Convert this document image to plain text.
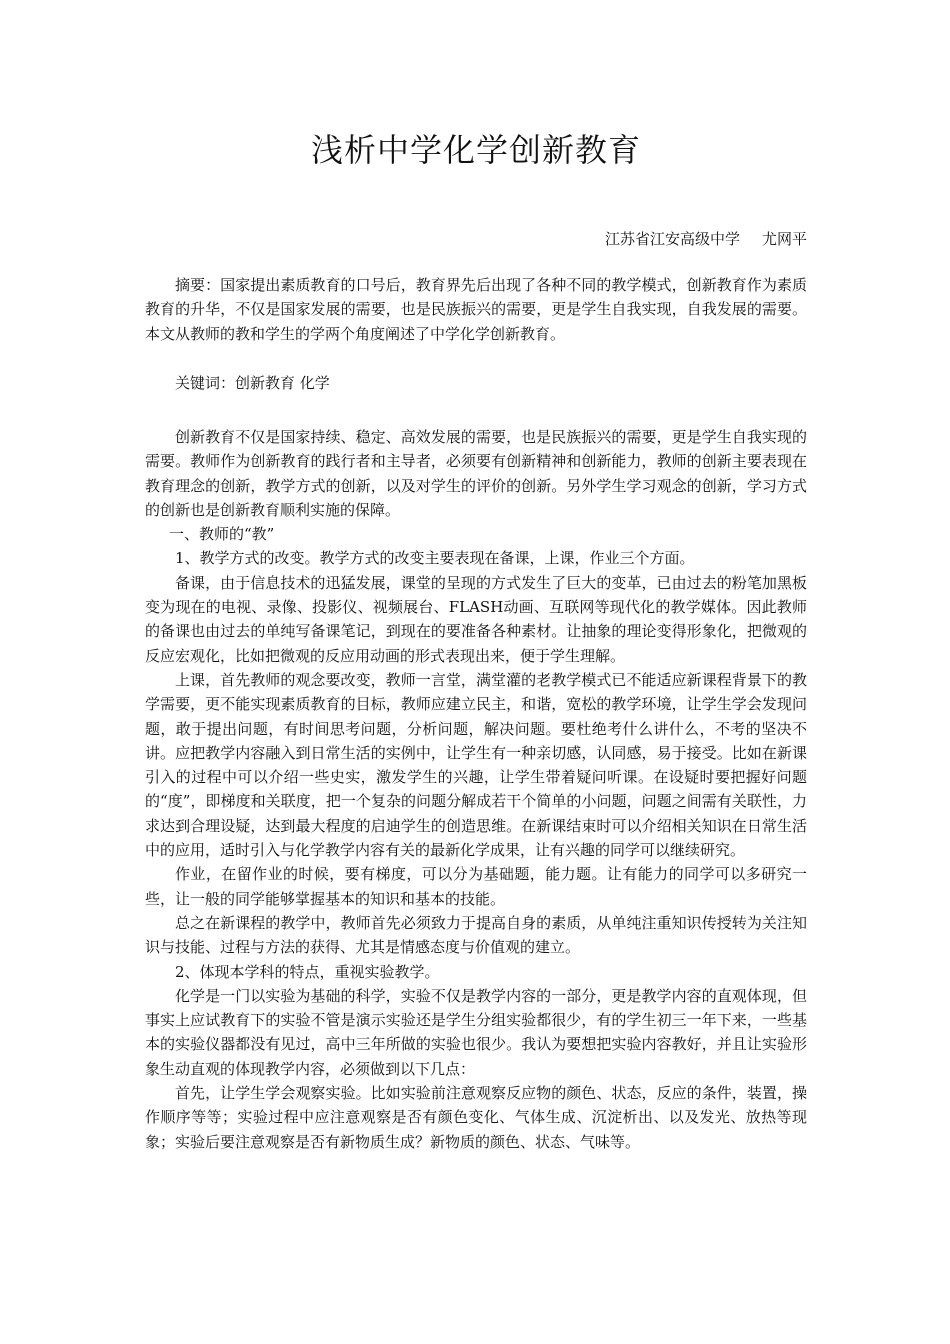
浅析中学化学创新教育

江苏省江安高级中学 尤网平

摘要：国家提出素质教育的口号后，教育界先后出现了各种不同的教学模式，创新教育作为素质教育的升华，不仅是国家发展的需要，也是民族振兴的需要，更是学生自我实现，自我发展的需要。本文从教师的教和学生的学两个角度阐述了中学化学创新教育。

关键词：创新教育 化学

创新教育不仅是国家持续、稳定、高效发展的需要，也是民族振兴的需要，更是学生自我实现的需要。教师作为创新教育的践行者和主导者，必须要有创新精神和创新能力，教师的创新主要表现在教育理念的创新，教学方式的创新，以及对学生的评价的创新。另外学生学习观念的创新，学习方式的创新也是创新教育顺利实施的保障。

一、教师的“教”

1、教学方式的改变。教学方式的改变主要表现在备课，上课，作业三个方面。

备课，由于信息技术的迅猛发展，课堂的呈现的方式发生了巨大的变革，已由过去的粉笔加黑板变为现在的电视、录像、投影仪、视频展台、FLASH动画、互联网等现代化的教学媒体。因此教师的备课也由过去的单纯写备课笔记，到现在的要准备各种素材。让抽象的理论变得形象化，把微观的反应宏观化，比如把微观的反应用动画的形式表现出来，便于学生理解。

上课，首先教师的观念要改变，教师一言堂，满堂灌的老教学模式已不能适应新课程背景下的教学需要，更不能实现素质教育的目标，教师应建立民主，和谐，宽松的教学环境，让学生学会发现问题，敢于提出问题，有时间思考问题，分析问题，解决问题。要杜绝考什么讲什么，不考的坚决不讲。应把教学内容融入到日常生活的实例中，让学生有一种亲切感，认同感，易于接受。比如在新课引入的过程中可以介绍一些史实，激发学生的兴趣，让学生带着疑问听课。在设疑时要把握好问题的“度”，即梯度和关联度，把一个复杂的问题分解成若干个简单的小问题，问题之间需有关联性，力求达到合理设疑，达到最大程度的启迪学生的创造思维。在新课结束时可以介绍相关知识在日常生活中的应用，适时引入与化学教学内容有关的最新化学成果，让有兴趣的同学可以继续研究。

作业，在留作业的时候，要有梯度，可以分为基础题，能力题。让有能力的同学可以多研究一些，让一般的同学能够掌握基本的知识和基本的技能。

总之在新课程的教学中，教师首先必须致力于提高自身的素质，从单纯注重知识传授转为关注知识与技能、过程与方法的获得、尤其是情感态度与价值观的建立。

2、体现本学科的特点，重视实验教学。

化学是一门以实验为基础的科学，实验不仅是教学内容的一部分，更是教学内容的直观体现，但事实上应试教育下的实验不管是演示实验还是学生分组实验都很少，有的学生初三一年下来，一些基本的实验仪器都没有见过，高中三年所做的实验也很少。我认为要想把实验内容教好，并且让实验形象生动直观的体现教学内容，必须做到以下几点：

首先，让学生学会观察实验。比如实验前注意观察反应物的颜色、状态，反应的条件，装置，操作顺序等等；实验过程中应注意观察是否有颜色变化、气体生成、沉淀析出、以及发光、放热等现象；实验后要注意观察是否有新物质生成？新物质的颜色、状态、气味等。
